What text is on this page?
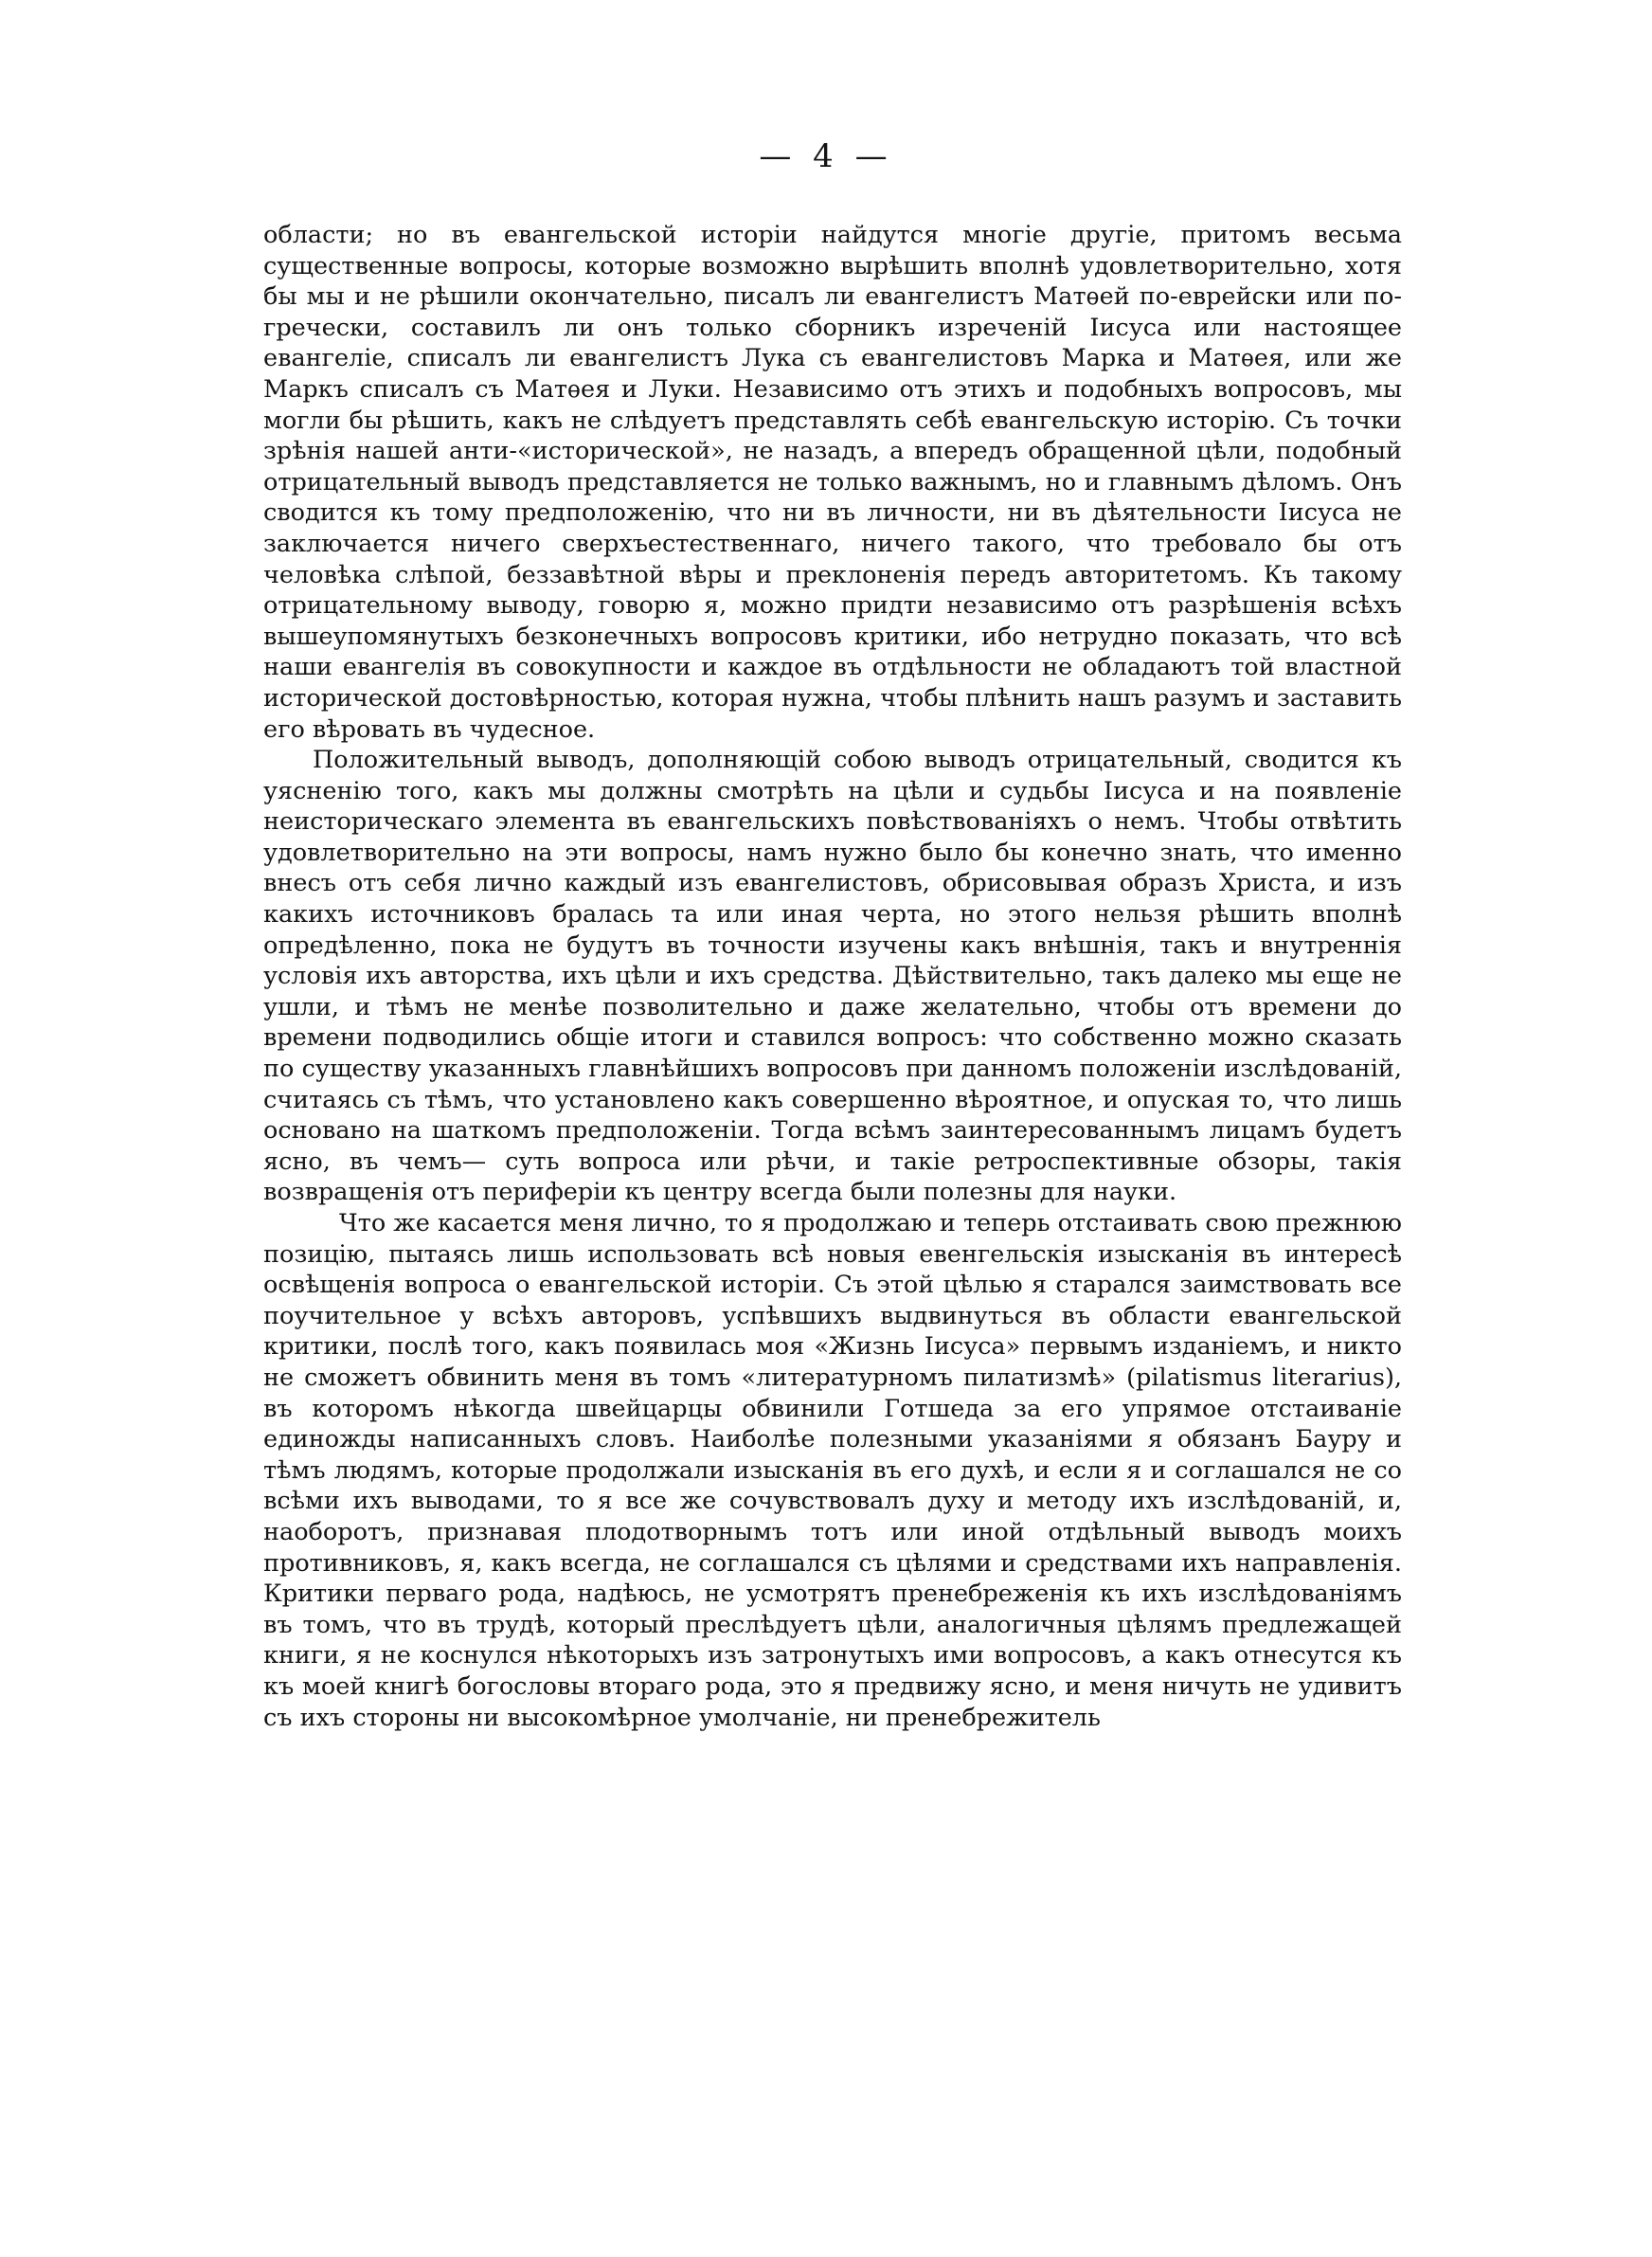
— 4 —

области; но въ евангельской исторіи найдутся многіе другіе, притомъ весьма существенные вопросы, которые возможно вырѣшить вполнѣ удовлетворительно, хотя бы мы и не рѣшили окончательно, писалъ ли евангелистъ Матѳей по-еврейски или по-гречески, составилъ ли онъ только сборникъ изреченій Іисуса или настоящее евангеліе, списалъ ли евангелистъ Лука съ евангелистовъ Марка и Матѳея, или же Маркъ списалъ съ Матѳея и Луки. Независимо отъ этихъ и подобныхъ вопросовъ, мы могли бы рѣшить, какъ не слѣдуетъ представлять себѣ евангельскую исторію. Съ точки зрѣнія нашей анти-«исторической», не назадъ, а впередъ обращенной цѣли, подобный отрицательный выводъ представляется не только важнымъ, но и главнымъ дѣломъ. Онъ сводится къ тому предположенію, что ни въ личности, ни въ дѣятельности Іисуса не заключается ничего сверхъестественнаго, ничего такого, что требовало бы отъ человѣка слѣпой, беззавѣтной вѣры и преклоненія передъ авторитетомъ. Къ такому отрицательному выводу, говорю я, можно придти независимо отъ разрѣшенія всѣхъ вышеупомянутыхъ безконечныхъ вопросовъ критики, ибо нетрудно показать, что всѣ наши евангелія въ совокупности и каждое въ отдѣльности не обладаютъ той властной исторической достовѣрностью, которая нужна, чтобы плѣнить нашъ разумъ и заставить его вѣровать въ чудесное.

Положительный выводъ, дополняющій собою выводъ отрицательный, сводится къ уясненію того, какъ мы должны смотрѣть на цѣли и судьбы Іисуса и на появленіе неисторическаго элемента въ евангельскихъ повѣствованіяхъ о немъ. Чтобы отвѣтить удовлетворительно на эти вопросы, намъ нужно было бы конечно знать, что именно внесъ отъ себя лично каждый изъ евангелистовъ, обрисовывая образъ Христа, и изъ какихъ источниковъ бралась та или иная черта, но этого нельзя рѣшить вполнѣ опредѣленно, пока не будутъ въ точности изучены какъ внѣшнія, такъ и внутреннія условія ихъ авторства, ихъ цѣли и ихъ средства. Дѣйствительно, такъ далеко мы еще не ушли, и тѣмъ не менѣе позволительно и даже желательно, чтобы отъ времени до времени подводились общіе итоги и ставился вопросъ: что собственно можно сказать по существу указанныхъ главнѣйшихъ вопросовъ при данномъ положеніи изслѣдованій, считаясь съ тѣмъ, что установлено какъ совершенно вѣроятное, и опуская то, что лишь основано на шаткомъ предположеніи. Тогда всѣмъ заинтересованнымъ лицамъ будетъ ясно, въ чемъ— суть вопроса или рѣчи, и такіе ретроспективные обзоры, такія возвращенія отъ периферіи къ центру всегда были полезны для науки.

Что же касается меня лично, то я продолжаю и теперь отстаивать свою прежнюю позицію, пытаясь лишь использовать всѣ новыя евенгельскія изысканія въ интересѣ освѣщенія вопроса о евангельской исторіи. Съ этой цѣлью я старался заимствовать все поучительное у всѣхъ авторовъ, успѣвшихъ выдвинуться въ области евангельской критики, послѣ того, какъ появилась моя «Жизнь Іисуса» первымъ изданіемъ, и никто не сможетъ обвинить меня въ томъ «литературномъ пилатизмѣ» (pilatismus literarius), въ которомъ нѣкогда швейцарцы обвинили Готшеда за его упрямое отстаиваніе единожды написанныхъ словъ. Наиболѣе полезными указаніями я обязанъ Бауру и тѣмъ людямъ, которые продолжали изысканія въ его духѣ, и если я и соглашался не со всѣми ихъ выводами, то я все же сочувствовалъ духу и методу ихъ изслѣдованій, и, наоборотъ, признавая плодотворнымъ тотъ или иной отдѣльный выводъ моихъ противниковъ, я, какъ всегда, не соглашался съ цѣлями и средствами ихъ направленія. Критики перваго рода, надѣюсь, не усмотрятъ пренебреженія къ ихъ изслѣдованіямъ въ томъ, что въ трудѣ, который преслѣдуетъ цѣли, аналогичныя цѣлямъ предлежащей книги, я не коснулся нѣкоторыхъ изъ затронутыхъ ими вопросовъ, а какъ отнесутся къ къ моей книгѣ богословы втораго рода, это я предвижу ясно, и меня ничуть не удивитъ съ ихъ стороны ни высокомѣрное умолчаніе, ни пренебрежитель
